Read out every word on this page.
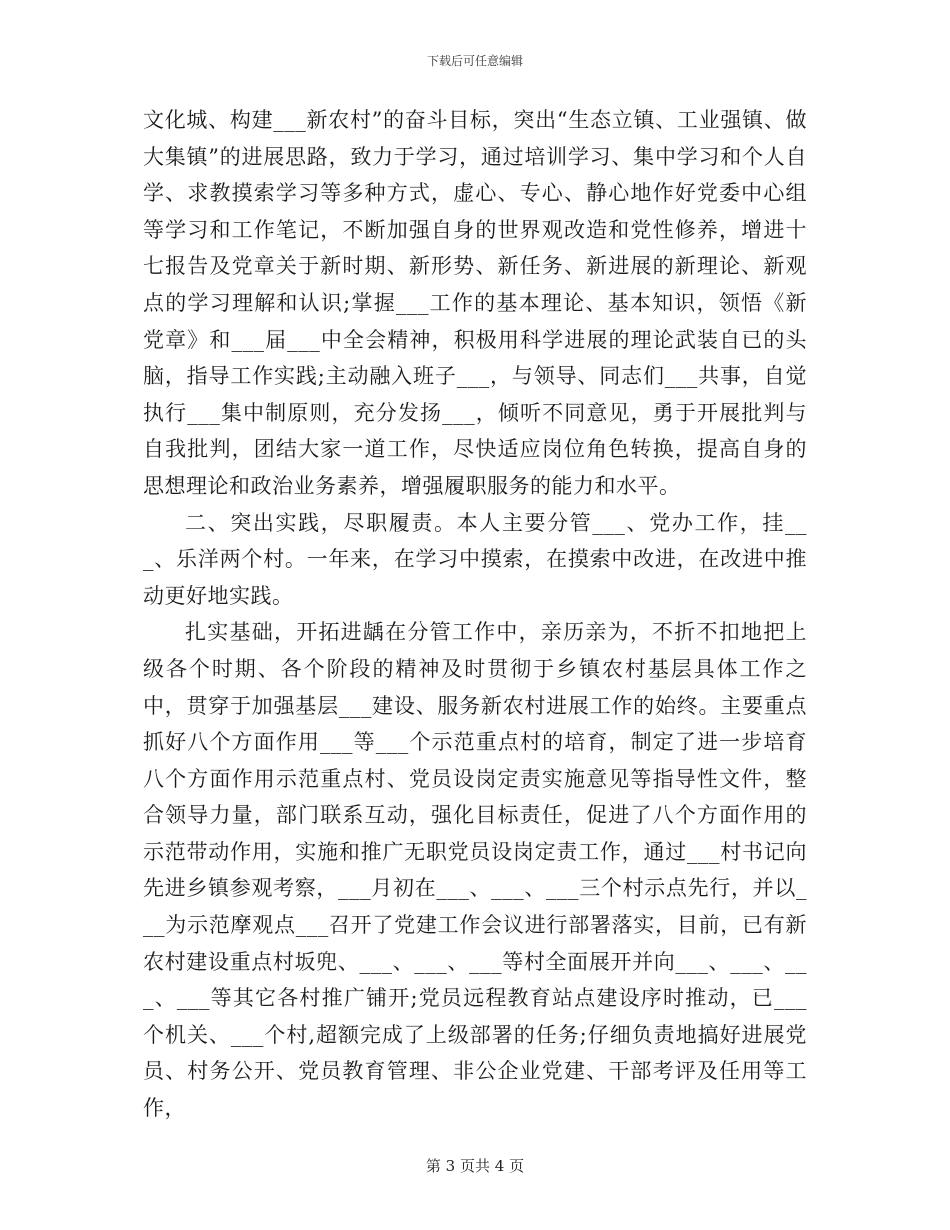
下载后可任意编辑

文化城、构建___新农村”的奋斗目标，突出“生态立镇、工业强镇、做大集镇”的进展思路，致力于学习，通过培训学习、集中学习和个人自学、求教摸索学习等多种方式，虚心、专心、静心地作好党委中心组等学习和工作笔记，不断加强自身的世界观改造和党性修养，增进十七报告及党章关于新时期、新形势、新任务、新进展的新理论、新观点的学习理解和认识;掌握___工作的基本理论、基本知识，领悟《新党章》和___届___中全会精神，积极用科学进展的理论武装自已的头脑，指导工作实践;主动融入班子___，与领导、同志们___共事，自觉执行___集中制原则，充分发扬___，倾听不同意见，勇于开展批判与自我批判，团结大家一道工作，尽快适应岗位角色转换，提高自身的思想理论和政治业务素养，增强履职服务的能力和水平。

二、突出实践，尽职履责。本人主要分管___、党办工作，挂___、乐洋两个村。一年来，在学习中摸索，在摸索中改进，在改进中推动更好地实践。

扎实基础，开拓进龋在分管工作中，亲历亲为，不折不扣地把上级各个时期、各个阶段的精神及时贯彻于乡镇农村基层具体工作之中，贯穿于加强基层___建设、服务新农村进展工作的始终。主要重点抓好八个方面作用___等___个示范重点村的培育，制定了进一步培育八个方面作用示范重点村、党员设岗定责实施意见等指导性文件，整合领导力量，部门联系互动，强化目标责任，促进了八个方面作用的示范带动作用，实施和推广无职党员设岗定责工作，通过___村书记向先进乡镇参观考察，___月初在___、___、___三个村示点先行，并以___为示范摩观点___召开了党建工作会议进行部署落实，目前，已有新农村建设重点村坂兜、___、___、___等村全面展开并向___、___、___、___等其它各村推广铺开;党员远程教育站点建设序时推动，已___个机关、___个村,超额完成了上级部署的任务;仔细负责地搞好进展党员、村务公开、党员教育管理、非公企业党建、干部考评及任用等工作，

第 3 页共 4 页
